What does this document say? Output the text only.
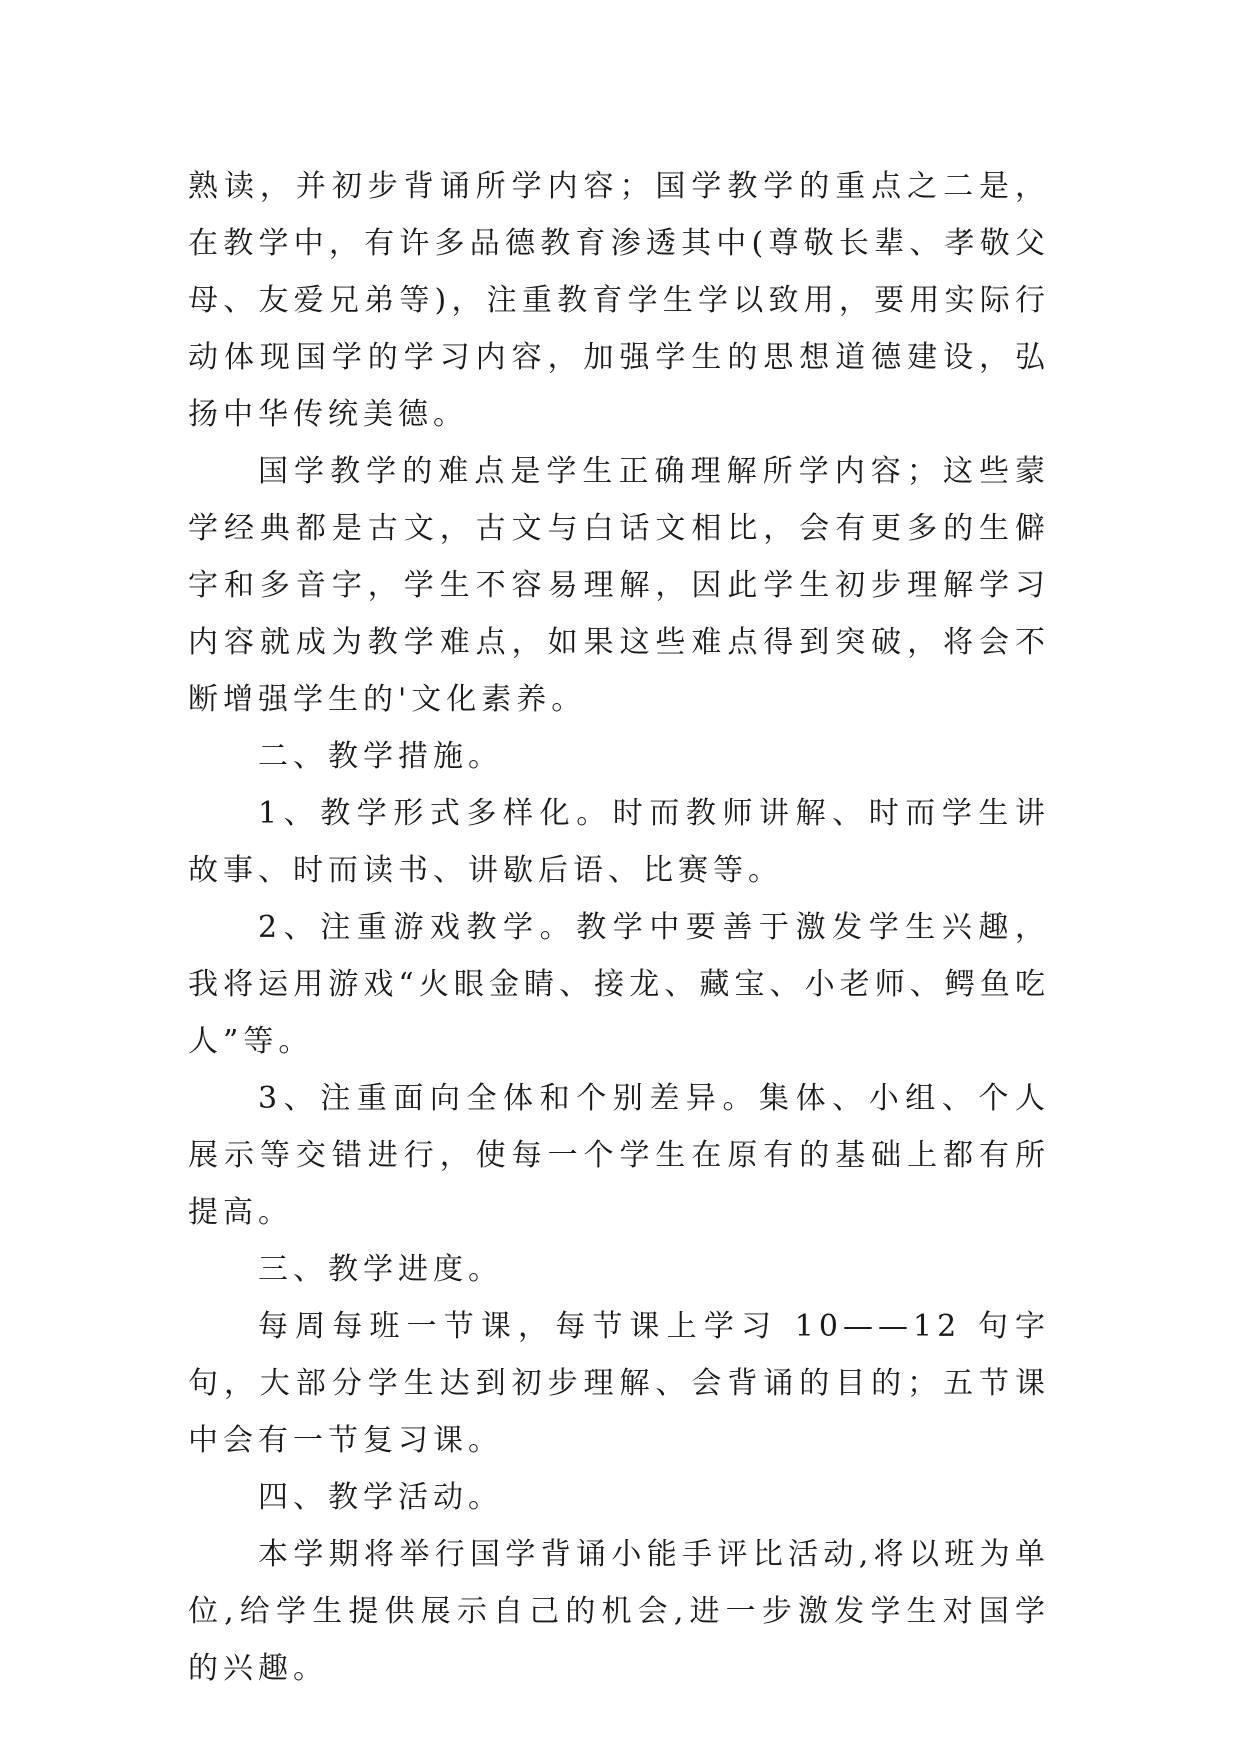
熟读，并初步背诵所学内容；国学教学的重点之二是，在教学中，有许多品德教育渗透其中(尊敬长辈、孝敬父母、友爱兄弟等)，注重教育学生学以致用，要用实际行动体现国学的学习内容，加强学生的思想道德建设，弘扬中华传统美德。

国学教学的难点是学生正确理解所学内容；这些蒙学经典都是古文，古文与白话文相比，会有更多的生僻字和多音字，学生不容易理解，因此学生初步理解学习内容就成为教学难点，如果这些难点得到突破，将会不断增强学生的'文化素养。

二、教学措施。

1、教学形式多样化。时而教师讲解、时而学生讲故事、时而读书、讲歇后语、比赛等。

2、注重游戏教学。教学中要善于激发学生兴趣，我将运用游戏“火眼金睛、接龙、藏宝、小老师、鳄鱼吃人”等。

3、注重面向全体和个别差异。集体、小组、个人展示等交错进行，使每一个学生在原有的基础上都有所提高。

三、教学进度。

每周每班一节课，每节课上学习 10——12 句字句，大部分学生达到初步理解、会背诵的目的；五节课中会有一节复习课。

四、教学活动。

本学期将举行国学背诵小能手评比活动,将以班为单位,给学生提供展示自己的机会,进一步激发学生对国学的兴趣。
